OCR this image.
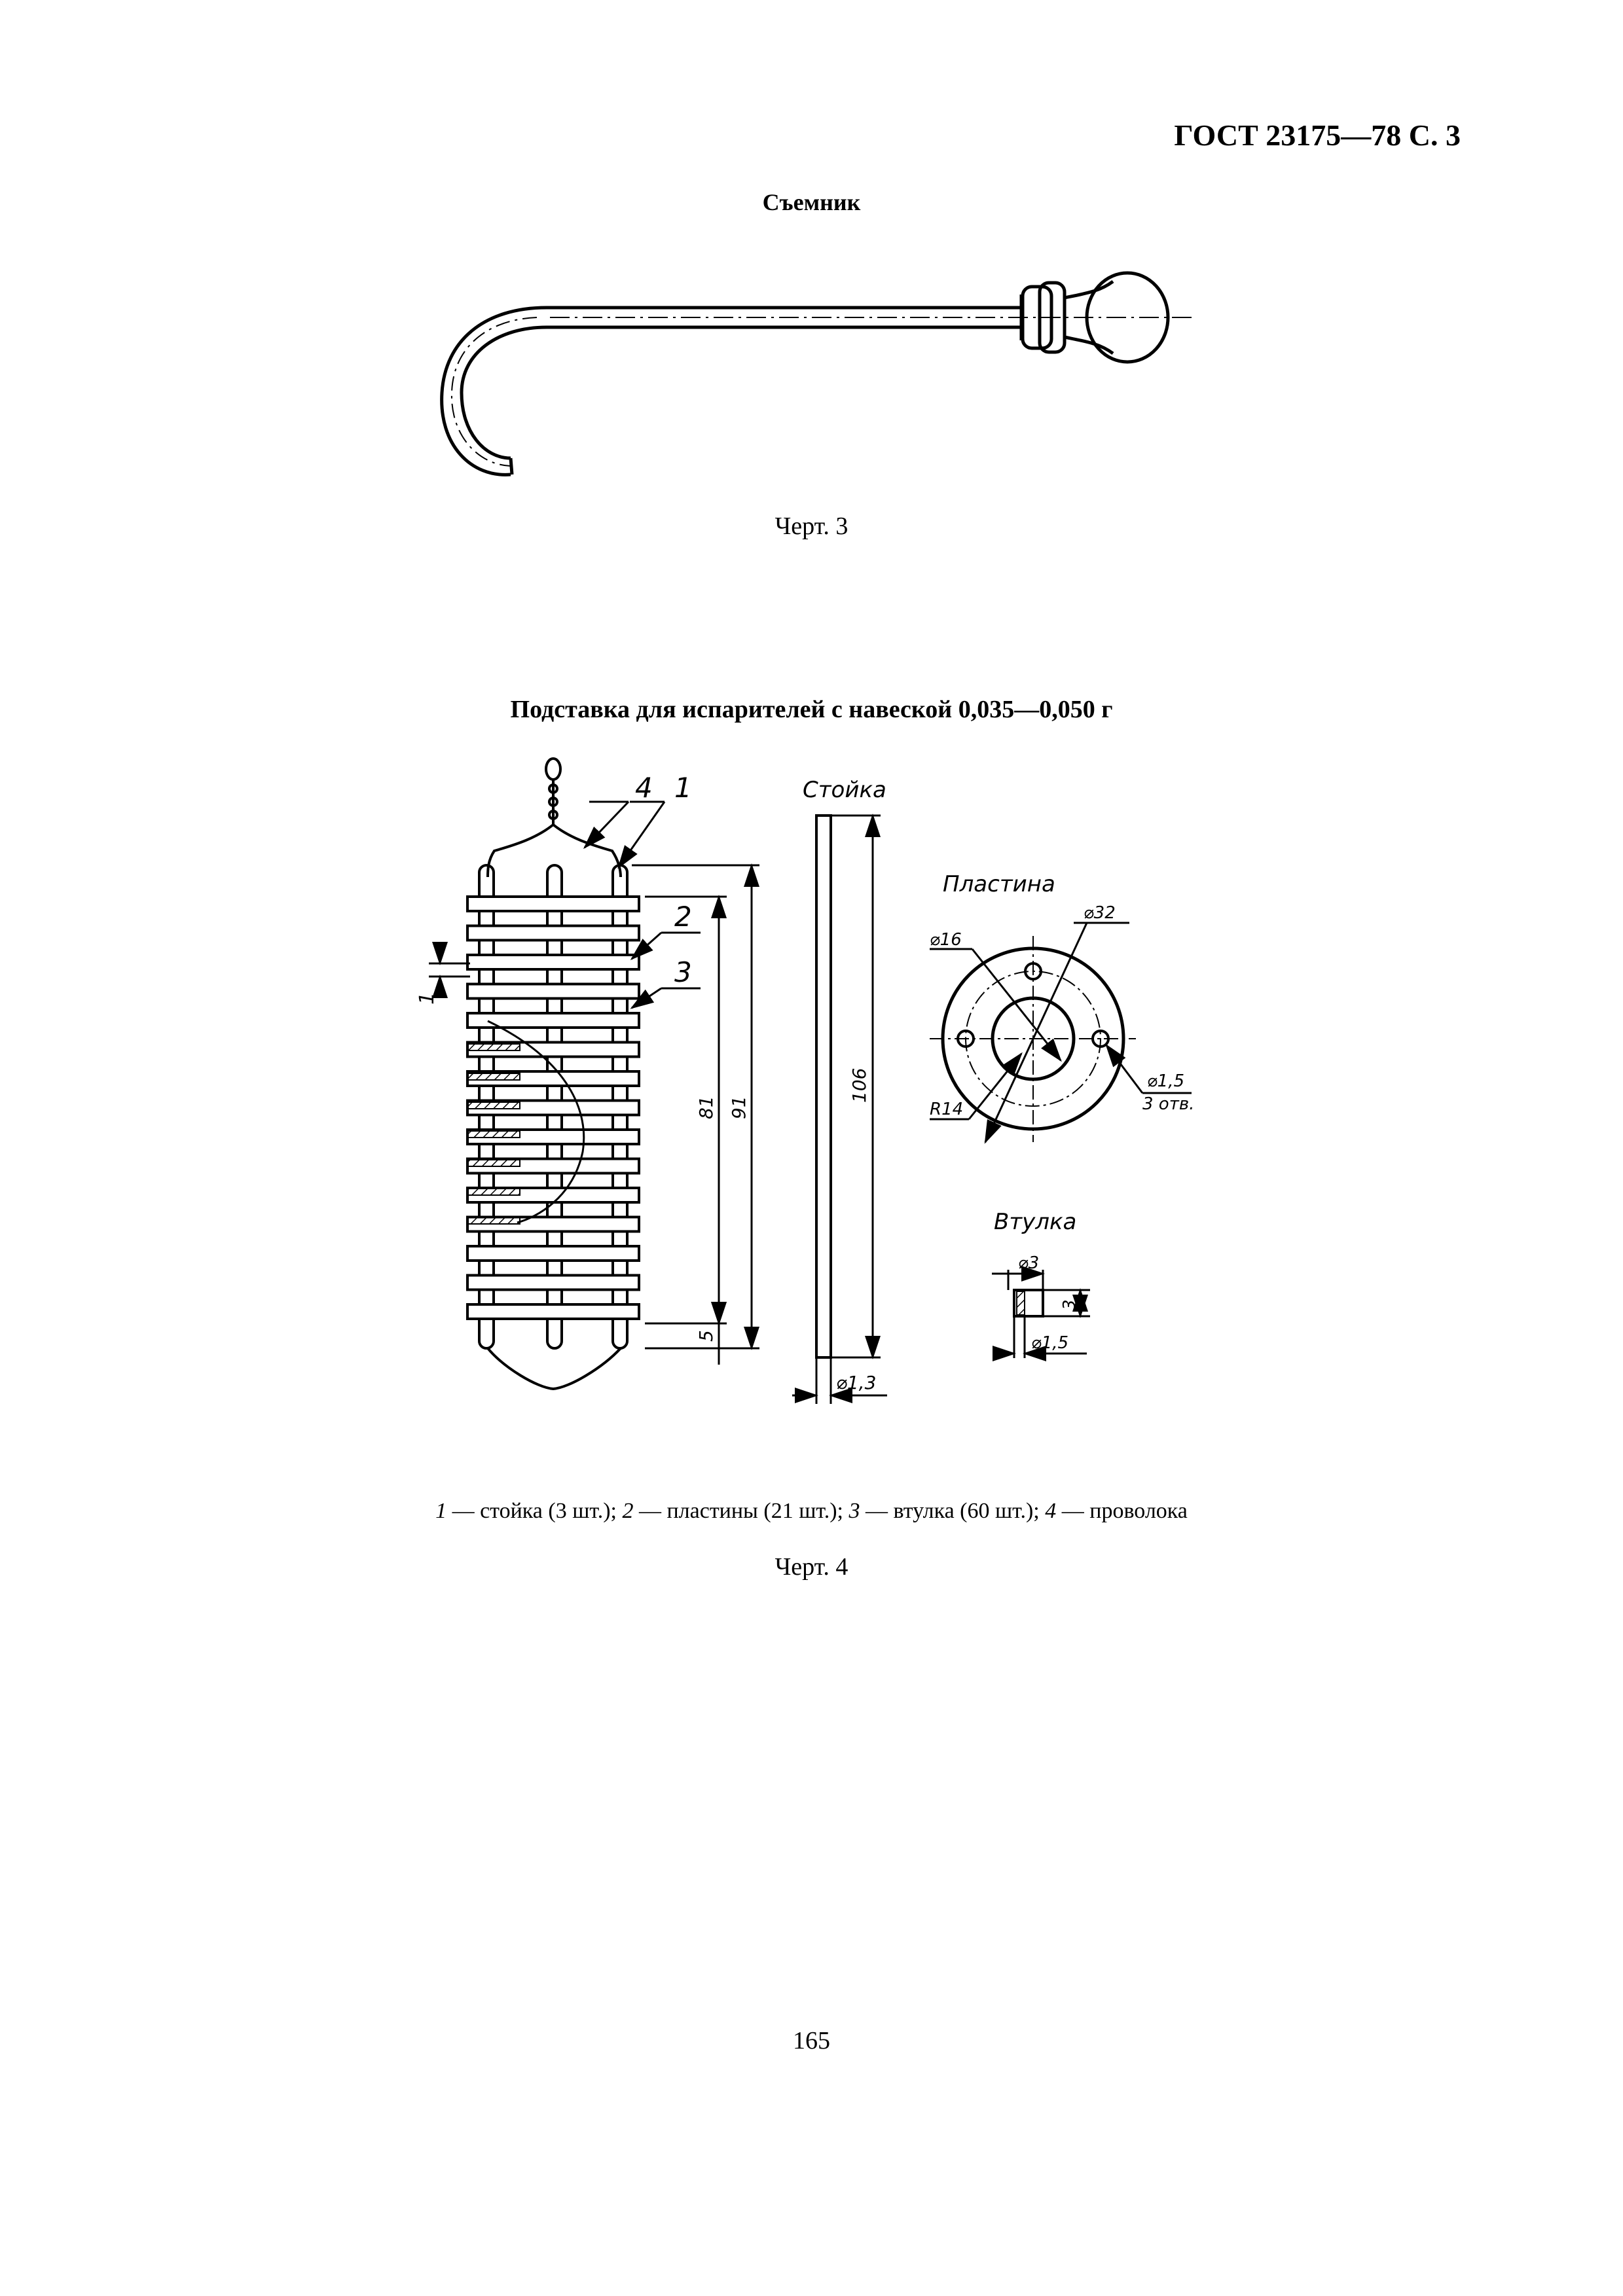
ГОСТ 23175—78 С. 3
Съемник
Стойка
Пластина
Втулка
4 1
2
3
1
81 91
5
106
⌀1,3
⌀16
⌀32
R14
⌀1,5
3 отв.
⌀3
3
⌀1,5
Черт. 3
Подставка для испарителей с навеской 0,035—0,050 г
1 — стойка (3 шт.); 2 — пластины (21 шт.); 3 — втулка (60 шт.); 4 — проволока
Черт. 4
165
